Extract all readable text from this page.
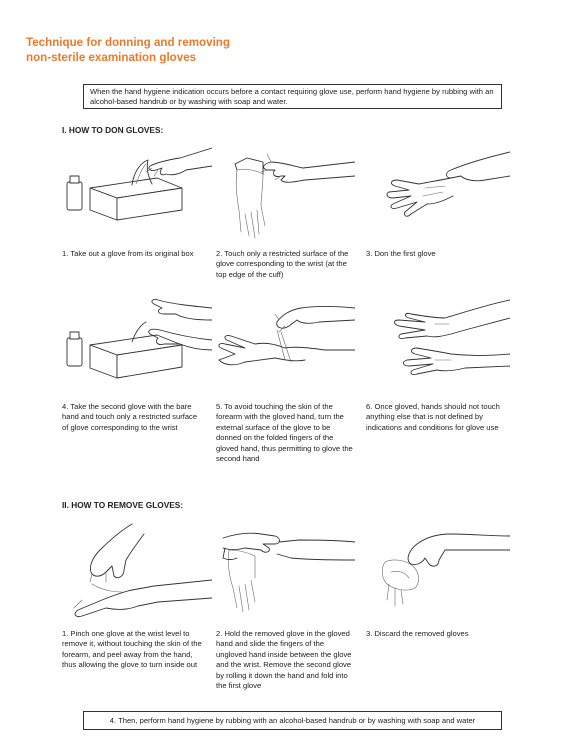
Technique for donning and removing
non-sterile examination gloves
When the hand hygiene indication occurs before a contact requiring glove use, perform hand hygiene by rubbing with an alcohol-based handrub or by washing with soap and water.
I. HOW TO DON GLOVES:
1. Take out a glove from its original box	2. Touch only a restricted surface of the glove corresponding to the wrist (at the top edge of the cuff)
3. Don the first glove
4. Take the second glove with the bare hand and touch only a restricted surface of glove corresponding to the wrist
5. To avoid touching the skin of the forearm with the gloved hand, turn the external surface of the glove to be donned on the folded fingers of the gloved hand, thus permitting to glove the second hand
6. Once gloved, hands should not touch anything else that is not defined by indications and conditions for glove use
II. HOW TO REMOVE GLOVES:
1. Pinch one glove at the wrist level to remove it, without touching the skin of the forearm, and peel away from the hand, thus allowing the glove to turn inside out
2. Hold the removed glove in the gloved hand and slide the fingers of the ungloved hand inside between the glove and the wrist. Remove the second glove by rolling it down the hand and fold into the first glove
3. Discard the removed gloves
4. Then, perform hand hygiene by rubbing with an alcohol-based handrub or by washing with soap and water
